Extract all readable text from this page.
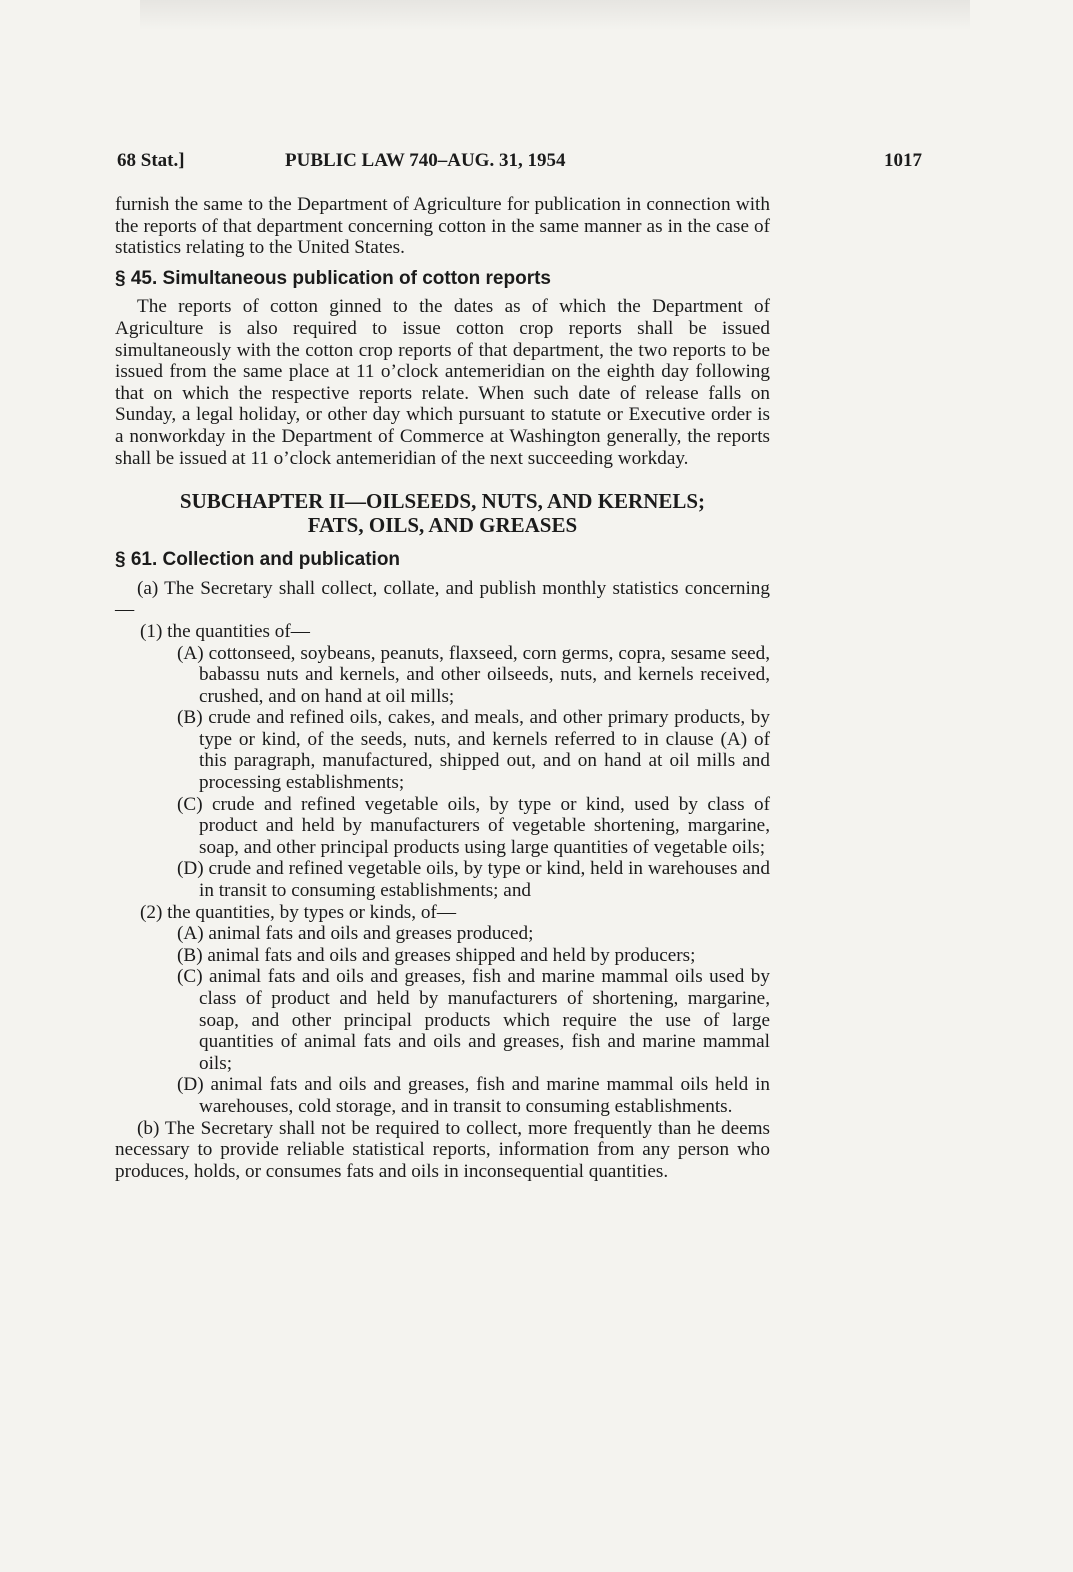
68 Stat.]	PUBLIC LAW 740–AUG. 31, 1954	1017

furnish the same to the Department of Agriculture for publication in connection with the reports of that department concerning cotton in the same manner as in the case of statistics relating to the United States.

§ 45. Simultaneous publication of cotton reports

The reports of cotton ginned to the dates as of which the Department of Agriculture is also required to issue cotton crop reports shall be issued simultaneously with the cotton crop reports of that department, the two reports to be issued from the same place at 11 o’clock antemeridian on the eighth day following that on which the respective reports relate. When such date of release falls on Sunday, a legal holiday, or other day which pursuant to statute or Executive order is a nonworkday in the Department of Commerce at Washington generally, the reports shall be issued at 11 o’clock antemeridian of the next succeeding workday.

SUBCHAPTER II—OILSEEDS, NUTS, AND KERNELS;
FATS, OILS, AND GREASES

§ 61. Collection and publication

(a) The Secretary shall collect, collate, and publish monthly statistics concerning—

(1) the quantities of—

(A) cottonseed, soybeans, peanuts, flaxseed, corn germs, copra, sesame seed, babassu nuts and kernels, and other oilseeds, nuts, and kernels received, crushed, and on hand at oil mills;

(B) crude and refined oils, cakes, and meals, and other primary products, by type or kind, of the seeds, nuts, and kernels referred to in clause (A) of this paragraph, manufactured, shipped out, and on hand at oil mills and processing establishments;

(C) crude and refined vegetable oils, by type or kind, used by class of product and held by manufacturers of vegetable shortening, margarine, soap, and other principal products using large quantities of vegetable oils;

(D) crude and refined vegetable oils, by type or kind, held in warehouses and in transit to consuming establishments; and

(2) the quantities, by types or kinds, of—

(A) animal fats and oils and greases produced;

(B) animal fats and oils and greases shipped and held by producers;

(C) animal fats and oils and greases, fish and marine mammal oils used by class of product and held by manufacturers of shortening, margarine, soap, and other principal products which require the use of large quantities of animal fats and oils and greases, fish and marine mammal oils;

(D) animal fats and oils and greases, fish and marine mammal oils held in warehouses, cold storage, and in transit to consuming establishments.

(b) The Secretary shall not be required to collect, more frequently than he deems necessary to provide reliable statistical reports, information from any person who produces, holds, or consumes fats and oils in inconsequential quantities.
